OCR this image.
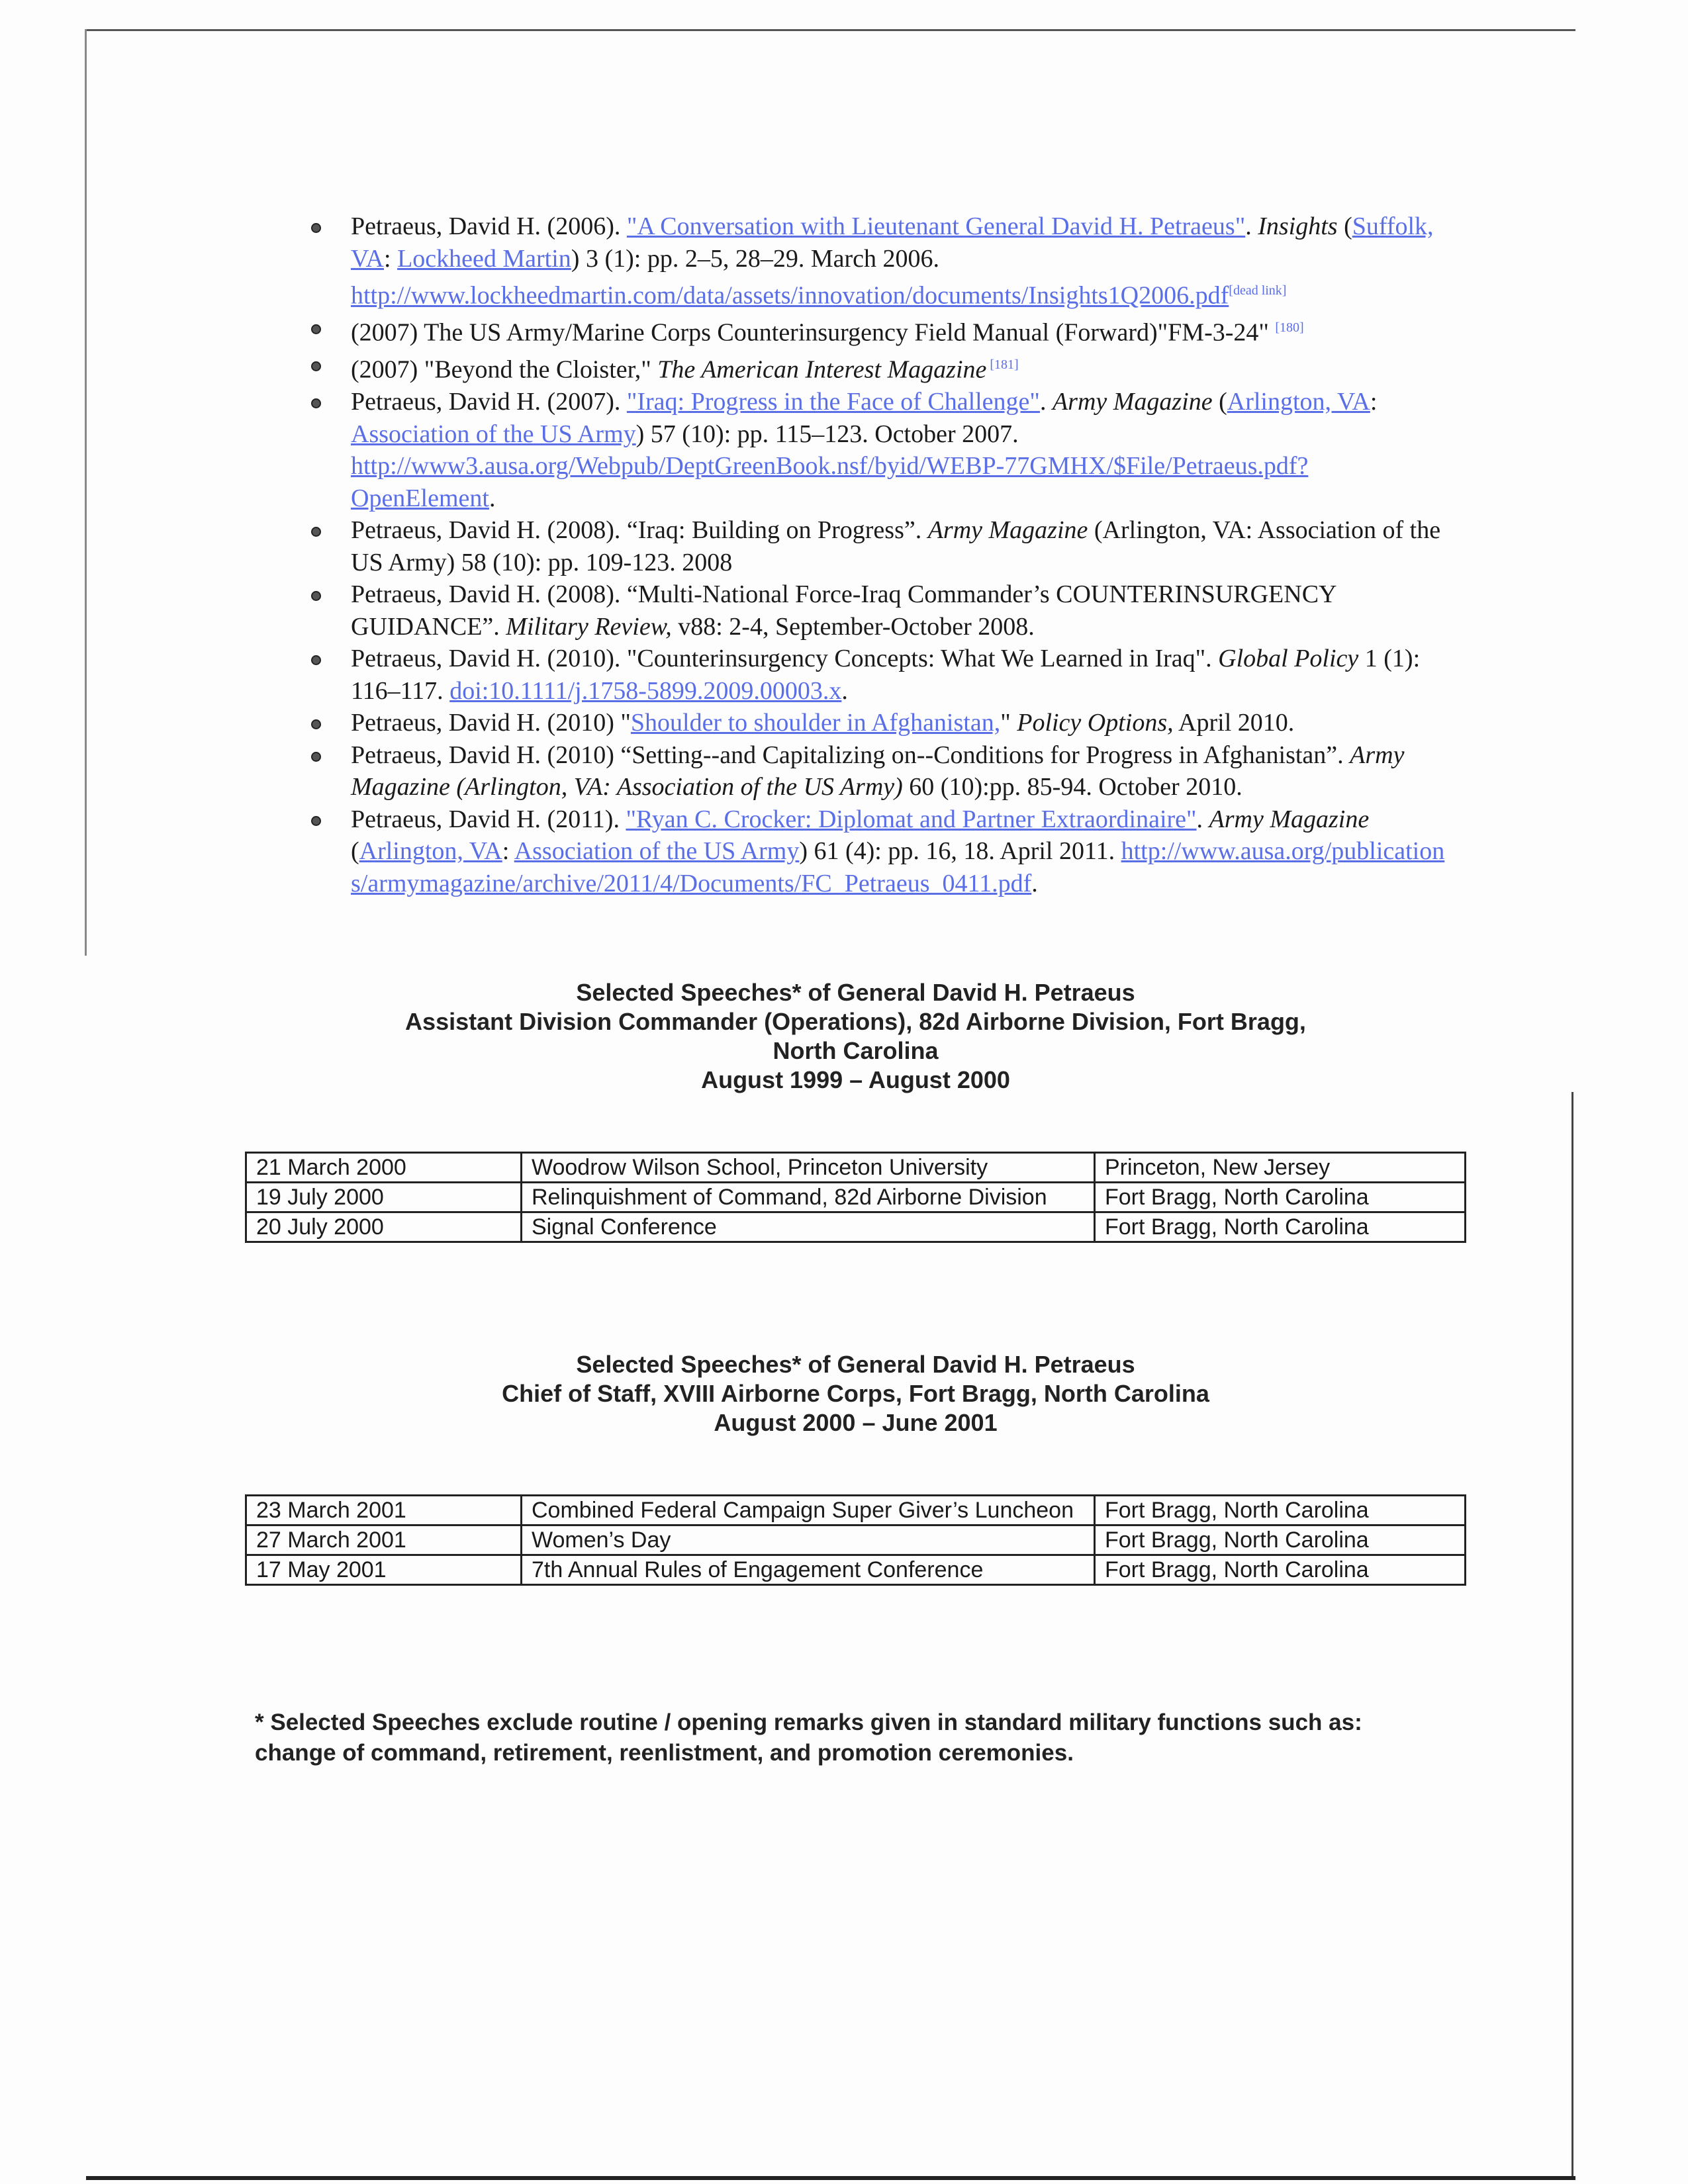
Petraeus, David H. (2006). "A Conversation with Lieutenant General David H. Petraeus". Insights (Suffolk, VA: Lockheed Martin) 3 (1): pp. 2–5, 28–29. March 2006. http://www.lockheedmartin.com/data/assets/innovation/documents/Insights1Q2006.pdf[dead link]
(2007) The US Army/Marine Corps Counterinsurgency Field Manual (Forward)"FM-3-24" [180]
(2007) "Beyond the Cloister," The American Interest Magazine [181]
Petraeus, David H. (2007). "Iraq: Progress in the Face of Challenge". Army Magazine (Arlington, VA: Association of the US Army) 57 (10): pp. 115–123. October 2007. http://www3.ausa.org/Webpub/DeptGreenBook.nsf/byid/WEBP-77GMHX/$File/Petraeus.pdf?OpenElement.
Petraeus, David H. (2008). “Iraq: Building on Progress”. Army Magazine (Arlington, VA: Association of the US Army) 58 (10): pp. 109-123. 2008
Petraeus, David H. (2008). “Multi-National Force-Iraq Commander’s COUNTERINSURGENCY GUIDANCE”. Military Review, v88: 2-4, September-October 2008.
Petraeus, David H. (2010). "Counterinsurgency Concepts: What We Learned in Iraq". Global Policy 1 (1): 116–117. doi:10.1111/j.1758-5899.2009.00003.x.
Petraeus, David H. (2010) "Shoulder to shoulder in Afghanistan," Policy Options, April 2010.
Petraeus, David H. (2010) “Setting--and Capitalizing on--Conditions for Progress in Afghanistan”. Army Magazine (Arlington, VA: Association of the US Army) 60 (10):pp. 85-94. October 2010.
Petraeus, David H. (2011). "Ryan C. Crocker: Diplomat and Partner Extraordinaire". Army Magazine (Arlington, VA: Association of the US Army) 61 (4): pp. 16, 18. April 2011. http://www.ausa.org/publications/armymagazine/archive/2011/4/Documents/FC_Petraeus_0411.pdf.
Selected Speeches* of General David H. Petraeus
Assistant Division Commander (Operations), 82d Airborne Division, Fort Bragg,
North Carolina
August 1999 – August 2000
21 March 2000	Woodrow Wilson School, Princeton University	Princeton, New Jersey
19 July 2000	Relinquishment of Command, 82d Airborne Division	Fort Bragg, North Carolina
20 July 2000	Signal Conference	Fort Bragg, North Carolina
Selected Speeches* of General David H. Petraeus
Chief of Staff, XVIII Airborne Corps, Fort Bragg, North Carolina
August 2000 – June 2001
23 March 2001	Combined Federal Campaign Super Giver’s Luncheon	Fort Bragg, North Carolina
27 March 2001	Women’s Day	Fort Bragg, North Carolina
17 May 2001	7th Annual Rules of Engagement Conference	Fort Bragg, North Carolina
* Selected Speeches exclude routine / opening remarks given in standard military functions such as: change of command, retirement, reenlistment, and promotion ceremonies.
